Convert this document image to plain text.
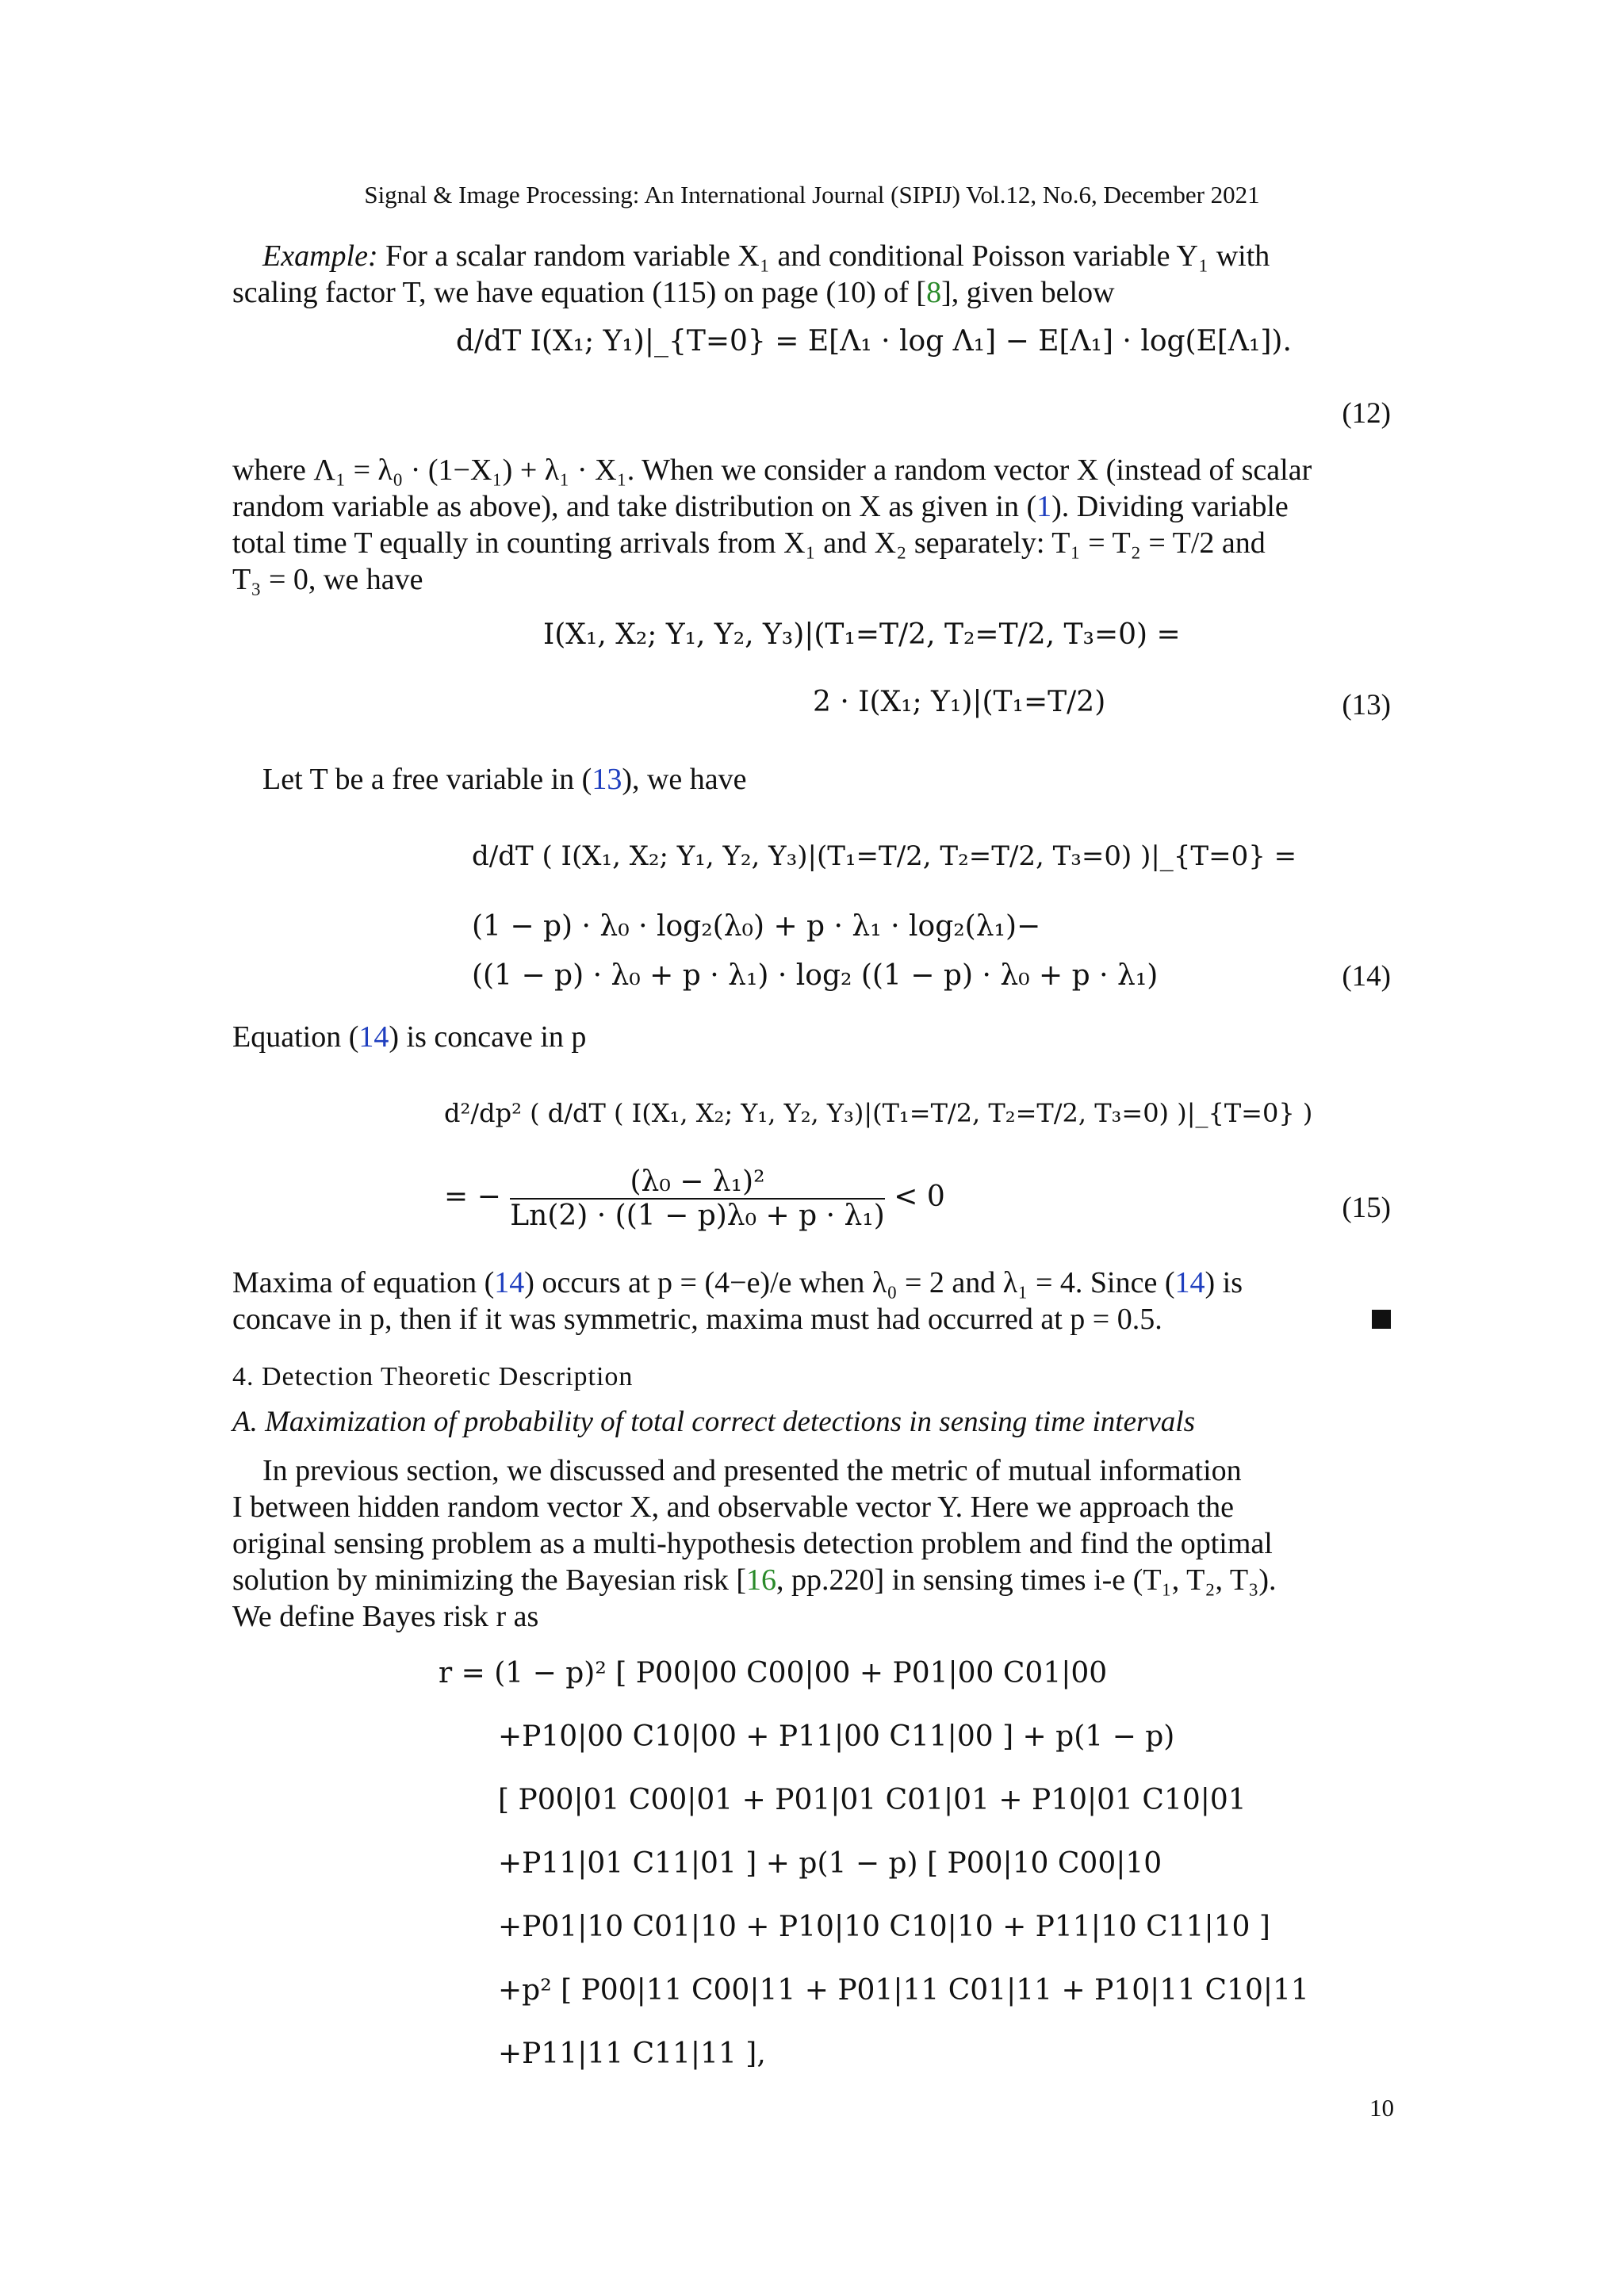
Signal & Image Processing: An International Journal (SIPIJ) Vol.12, No.6, December 2021
Example: For a scalar random variable X₁ and conditional Poisson variable Y₁ with
scaling factor T, we have equation (115) on page (10) of [8], given below
d/dT I(X₁; Y₁)|_{T=0} = E[Λ₁ · log Λ₁] − E[Λ₁] · log(E[Λ₁]).
(12)
where Λ₁ = λ₀ · (1−X₁) + λ₁ · X₁. When we consider a random vector X (instead of scalar
random variable as above), and take distribution on X as given in (1). Dividing variable
total time T equally in counting arrivals from X₁ and X₂ separately: T₁ = T₂ = T/2 and
T₃ = 0, we have
I(X₁, X₂; Y₁, Y₂, Y₃)|(T₁=T/2, T₂=T/2, T₃=0) =
2 · I(X₁; Y₁)|(T₁=T/2)	(13)
Let T be a free variable in (13), we have
d/dT ( I(X₁, X₂; Y₁, Y₂, Y₃)|(T₁=T/2, T₂=T/2, T₃=0) )|_{T=0} =
(1 − p) · λ₀ · log₂(λ₀) + p · λ₁ · log₂(λ₁)−
((1 − p) · λ₀ + p · λ₁) · log₂ ((1 − p) · λ₀ + p · λ₁)	(14)
Equation (14) is concave in p
d²/dp² ( d/dT ( I(X₁, X₂; Y₁, Y₂, Y₃)|(T₁=T/2, T₂=T/2, T₃=0) )|_{T=0} )
= − $\frac{\text{(λ₀ − λ₁)²}}{\text{Ln(2) · ((1 − p)λ₀ + p · λ₁)}} < 0$	(15)
Maxima of equation (14) occurs at p = (4−e)/e when λ₀ = 2 and λ₁ = 4. Since (14) is
concave in p, then if it was symmetric, maxima must had occurred at p = 0.5.
4. Detection Theoretic Description
A. Maximization of probability of total correct detections in sensing time intervals
In previous section, we discussed and presented the metric of mutual information
I between hidden random vector X, and observable vector Y. Here we approach the
original sensing problem as a multi-hypothesis detection problem and find the optimal
solution by minimizing the Bayesian risk [16, pp.220] in sensing times i-e (T₁, T₂, T₃).
We define Bayes risk r as
r = (1 − p)² [ P00|00 C00|00 + P01|00 C01|00
+P10|00 C10|00 + P11|00 C11|00 ] + p(1 − p)
[ P00|01 C00|01 + P01|01 C01|01 + P10|01 C10|01
+P11|01 C11|01 ] + p(1 − p) [ P00|10 C00|10
+P01|10 C01|10 + P10|10 C10|10 + P11|10 C11|10 ]
+p² [ P00|11 C00|11 + P01|11 C01|11 + P10|11 C10|11
+P11|11 C11|11 ],
10
